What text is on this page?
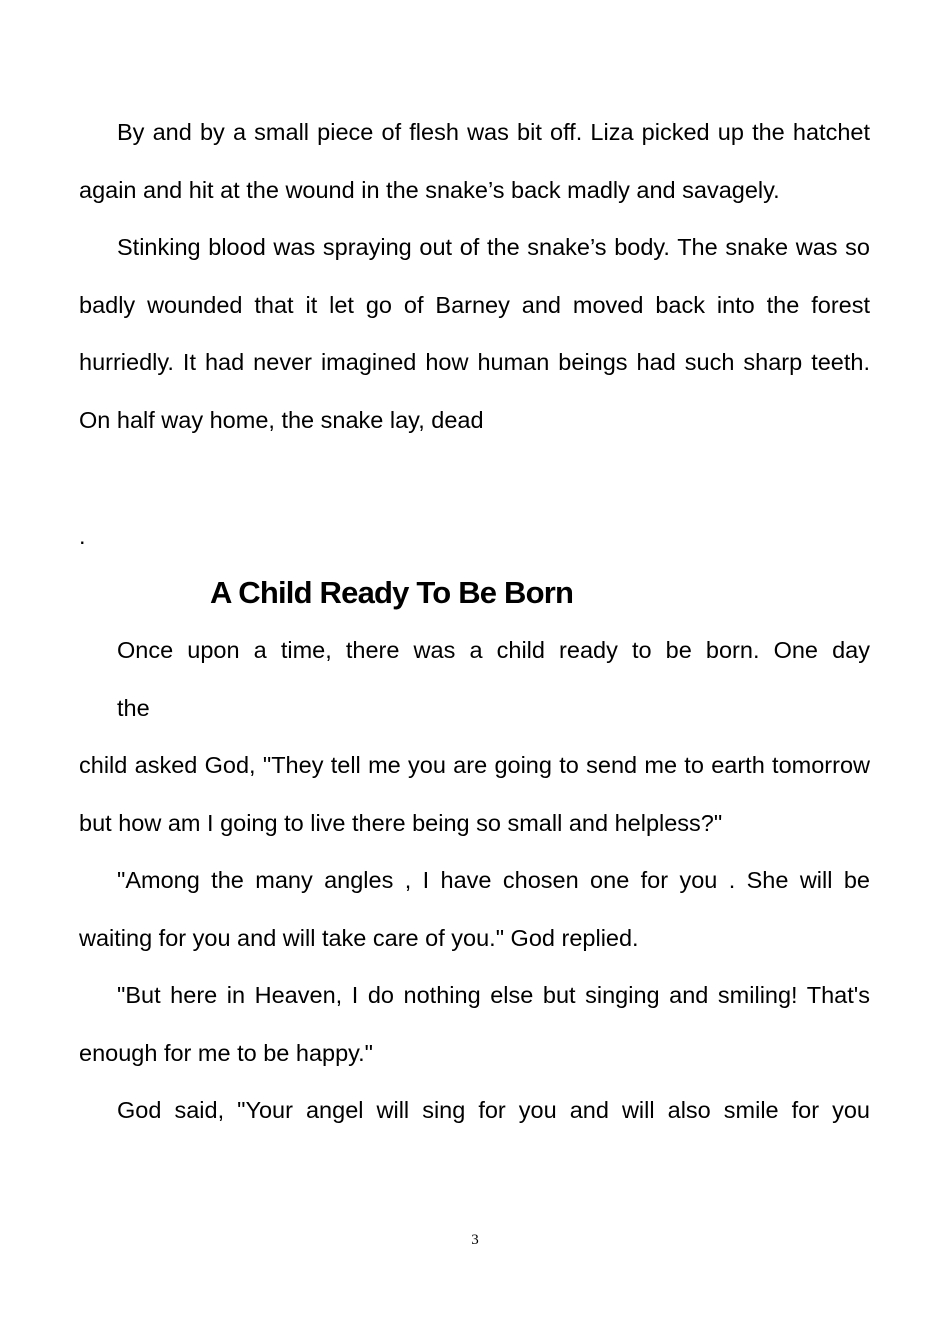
By and by a small piece of flesh was bit off. Liza picked up the hatchet again and hit at the wound in the snake’s back madly and savagely.

Stinking blood was spraying out of the snake’s body. The snake was so badly wounded that it let go of Barney and moved back into the forest hurriedly. It had never imagined how human beings had such sharp teeth. On half way home, the snake lay, dead

.
A Child Ready To Be Born

Once upon a time, there was a child ready to be born. One day

the

child asked God, "They tell me you are going to send me to earth tomorrow but how am I going to live there being so small and helpless?"

"Among the many angles , I have chosen one for you . She will be waiting for you and will take care of you." God replied.

"But here in Heaven, I do nothing else but singing and smiling! That's enough for me to be happy."

God said, "Your angel will sing for you and will also smile for you

3
